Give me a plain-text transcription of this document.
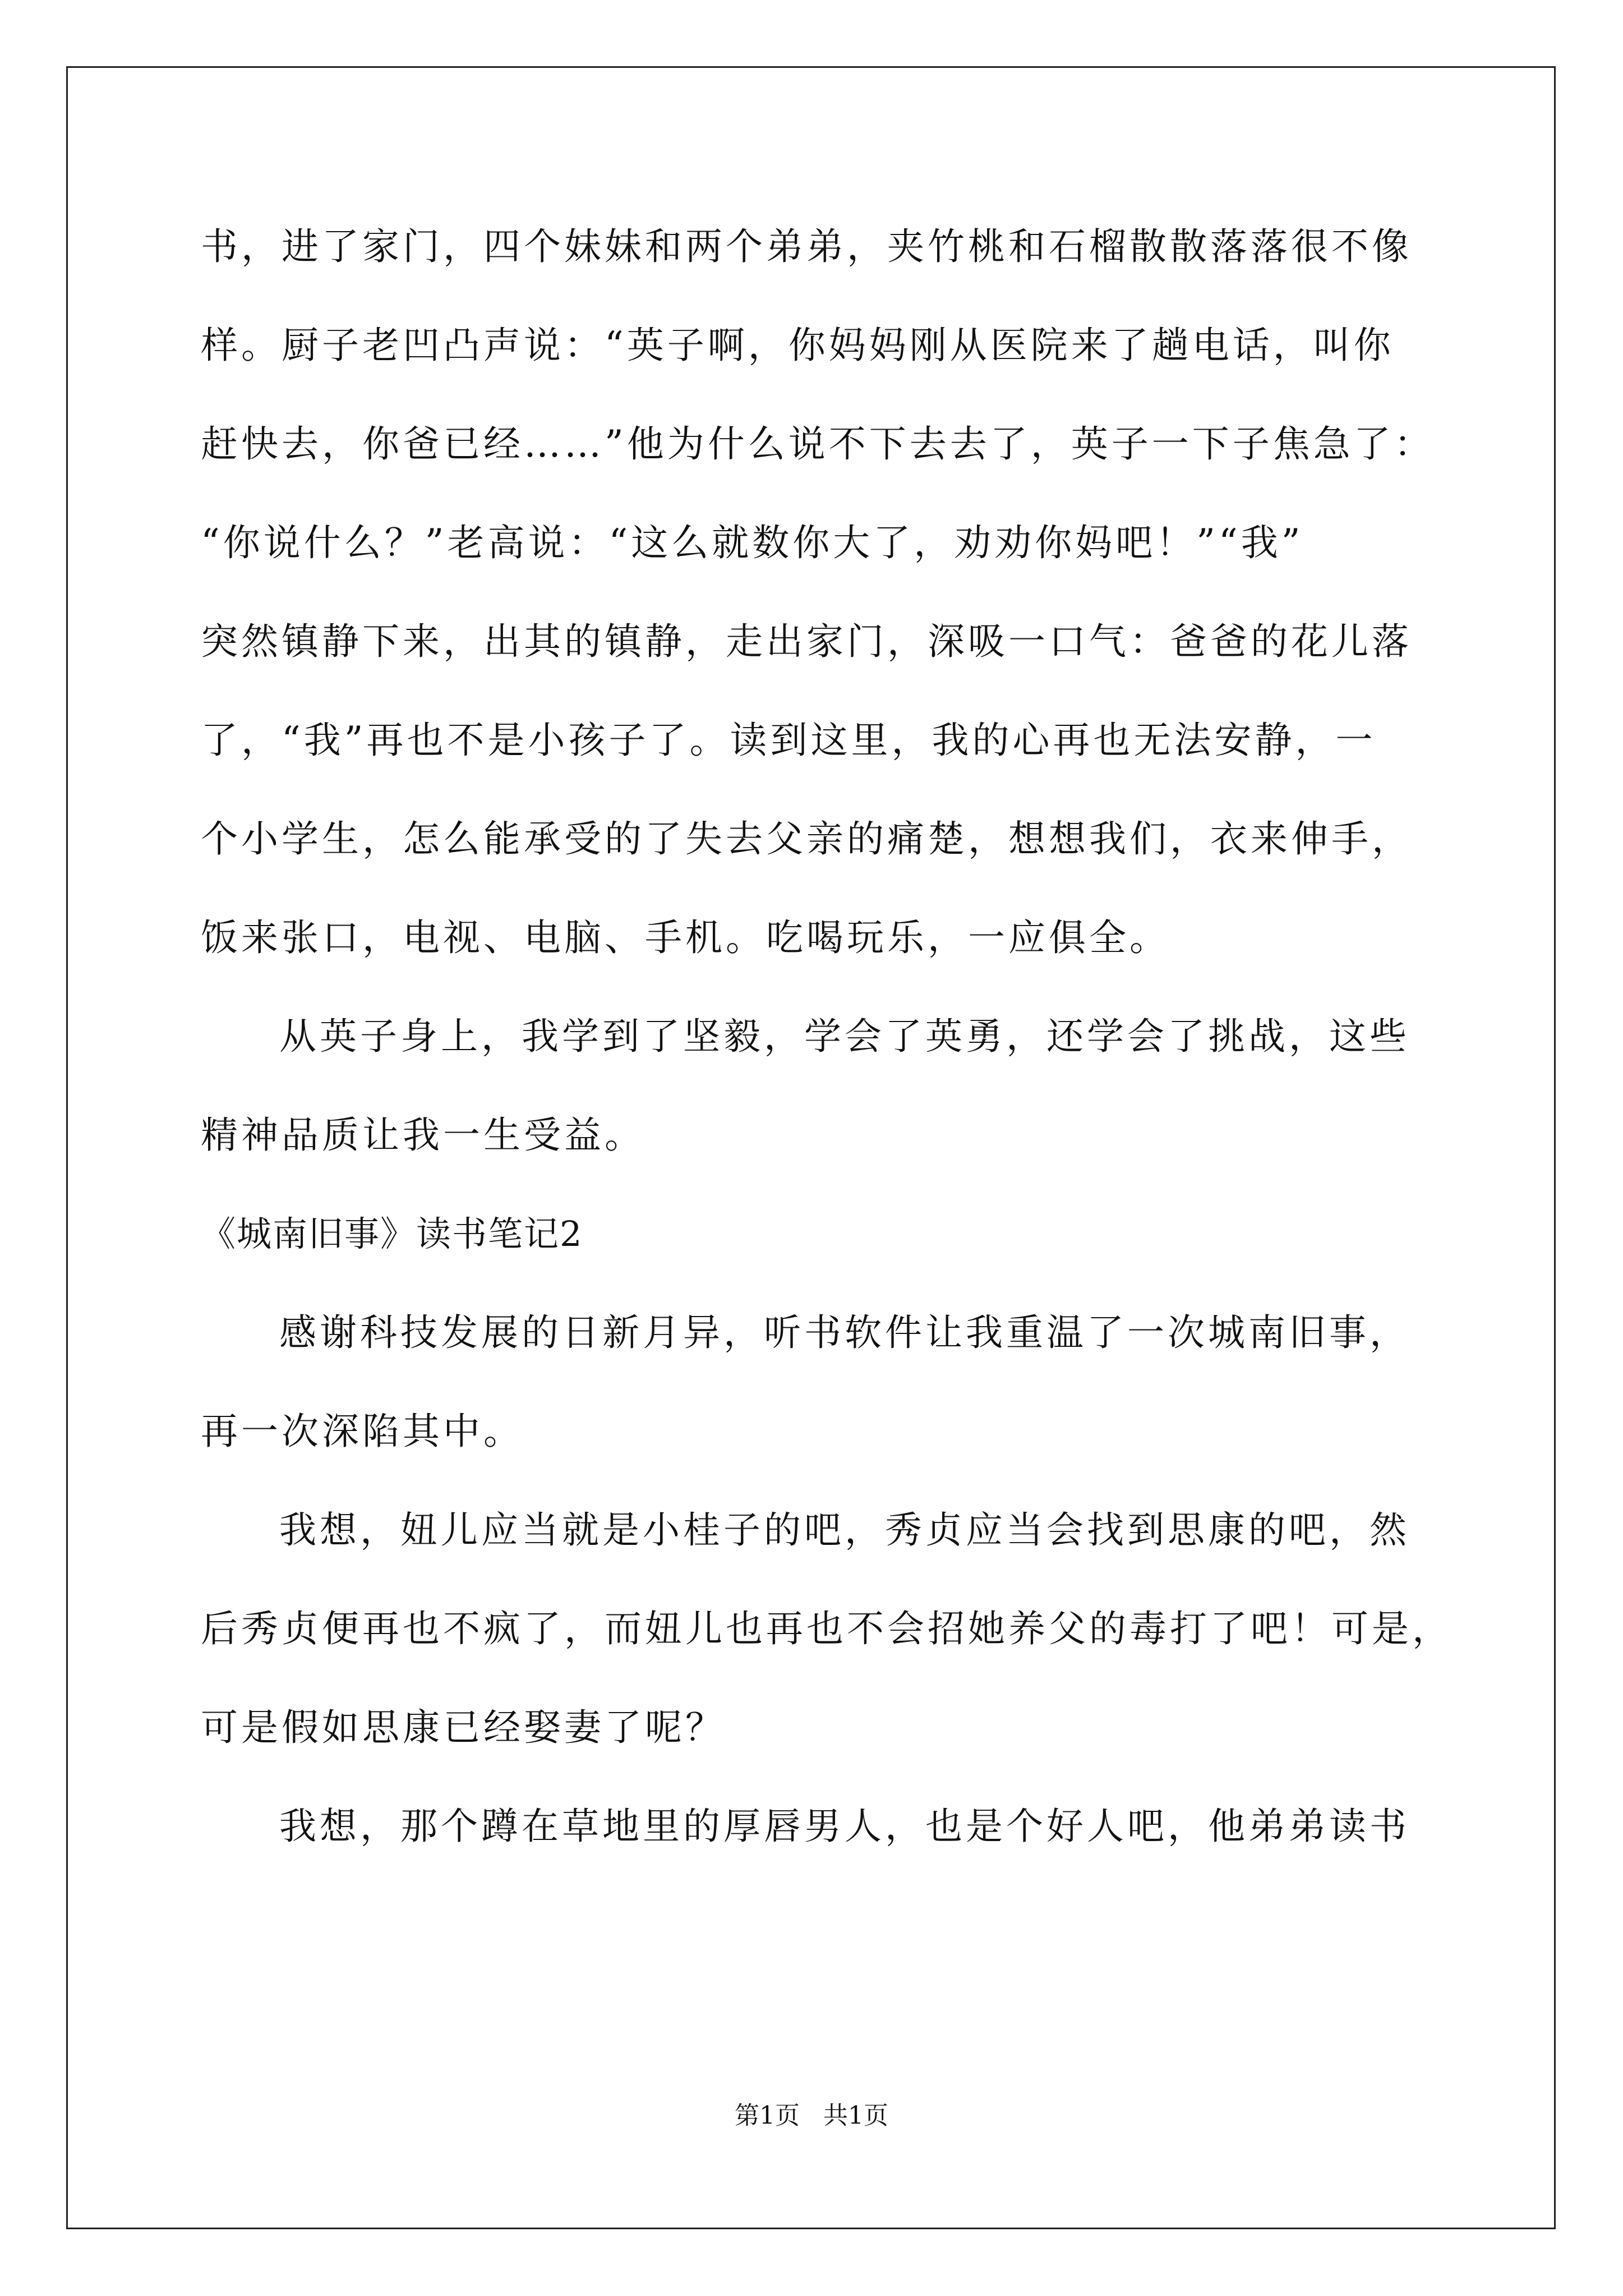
书，进了家门，四个妹妹和两个弟弟，夹竹桃和石榴散散落落很不像
样。厨子老凹凸声说：“英子啊，你妈妈刚从医院来了趟电话，叫你
赶快去，你爸已经……”他为什么说不下去去了，英子一下子焦急了：
“你说什么？”老高说：“这么就数你大了，劝劝你妈吧！”“我”
突然镇静下来，出其的镇静，走出家门，深吸一口气：爸爸的花儿落
了，“我”再也不是小孩子了。读到这里，我的心再也无法安静，一
个小学生，怎么能承受的了失去父亲的痛楚，想想我们，衣来伸手，
饭来张口，电视、电脑、手机。吃喝玩乐，一应俱全。
从英子身上，我学到了坚毅，学会了英勇，还学会了挑战，这些
精神品质让我一生受益。
《城南旧事》读书笔记2
感谢科技发展的日新月异，听书软件让我重温了一次城南旧事，
再一次深陷其中。
我想，妞儿应当就是小桂子的吧，秀贞应当会找到思康的吧，然
后秀贞便再也不疯了，而妞儿也再也不会招她养父的毒打了吧！可是，
可是假如思康已经娶妻了呢？
我想，那个蹲在草地里的厚唇男人，也是个好人吧，他弟弟读书
第1页   共1页
